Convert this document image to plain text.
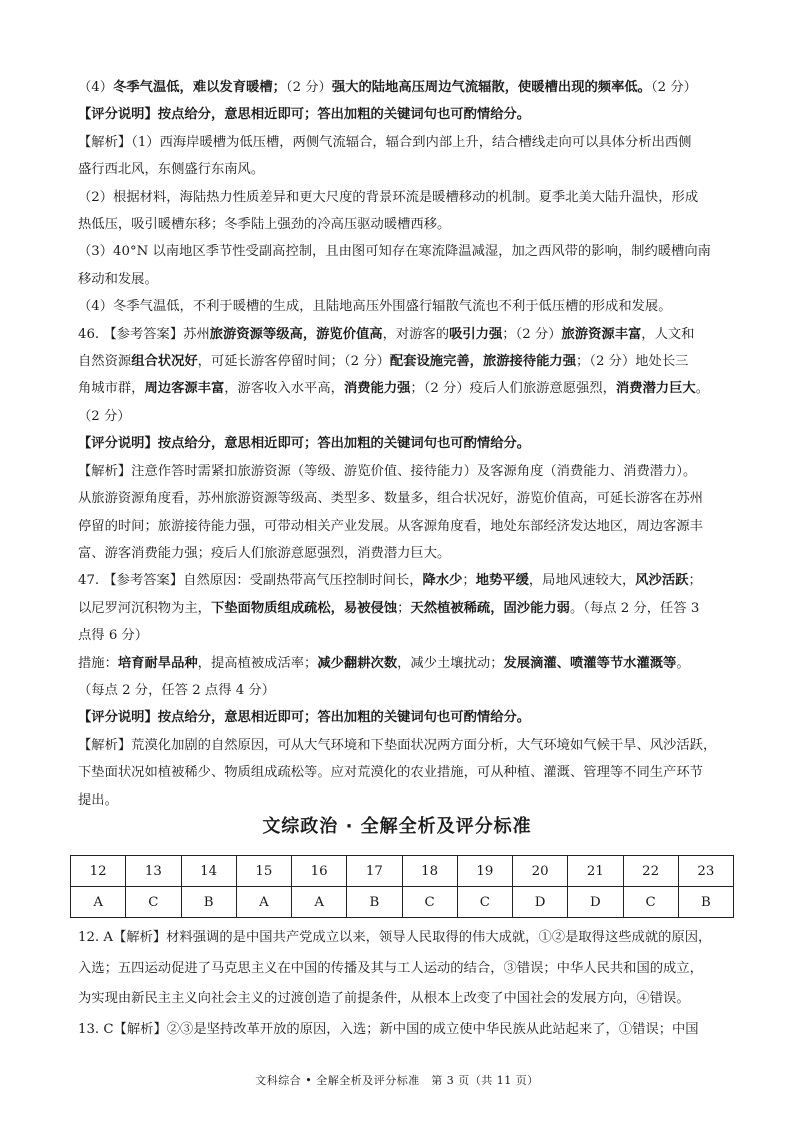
（4）冬季气温低，难以发育暖槽；（2 分）强大的陆地高压周边气流辐散，使暖槽出现的频率低。（2 分）

【评分说明】按点给分，意思相近即可；答出加粗的关键词句也可酌情给分。

【解析】（1）西海岸暖槽为低压槽，两侧气流辐合，辐合到内部上升，结合槽线走向可以具体分析出西侧

盛行西北风，东侧盛行东南风。

（2）根据材料，海陆热力性质差异和更大尺度的背景环流是暖槽移动的机制。夏季北美大陆升温快，形成

热低压，吸引暖槽东移；冬季陆上强劲的冷高压驱动暖槽西移。

（3）40°N 以南地区季节性受副高控制，且由图可知存在寒流降温减湿，加之西风带的影响，制约暖槽向南

移动和发展。

（4）冬季气温低，不利于暖槽的生成，且陆地高压外围盛行辐散气流也不利于低压槽的形成和发展。

46. 【参考答案】苏州旅游资源等级高，游览价值高，对游客的吸引力强；（2 分）旅游资源丰富，人文和

自然资源组合状况好，可延长游客停留时间；（2 分）配套设施完善，旅游接待能力强；（2 分）地处长三

角城市群，周边客源丰富，游客收入水平高，消费能力强；（2 分）疫后人们旅游意愿强烈，消费潜力巨大。

（2 分）

【评分说明】按点给分，意思相近即可；答出加粗的关键词句也可酌情给分。

【解析】注意作答时需紧扣旅游资源（等级、游览价值、接待能力）及客源角度（消费能力、消费潜力）。

从旅游资源角度看，苏州旅游资源等级高、类型多、数量多，组合状况好，游览价值高，可延长游客在苏州

停留的时间；旅游接待能力强，可带动相关产业发展。从客源角度看，地处东部经济发达地区，周边客源丰

富、游客消费能力强；疫后人们旅游意愿强烈，消费潜力巨大。

47. 【参考答案】自然原因：受副热带高气压控制时间长，降水少；地势平缓，局地风速较大，风沙活跃；

以尼罗河沉积物为主，下垫面物质组成疏松，易被侵蚀；天然植被稀疏，固沙能力弱。（每点 2 分，任答 3

点得 6 分）

措施：培育耐旱品种，提高植被成活率；减少翻耕次数，减少土壤扰动；发展滴灌、喷灌等节水灌溉等。

（每点 2 分，任答 2 点得 4 分）

【评分说明】按点给分，意思相近即可；答出加粗的关键词句也可酌情给分。

【解析】荒漠化加剧的自然原因，可从大气环境和下垫面状况两方面分析，大气环境如气候干旱、风沙活跃，

下垫面状况如植被稀少、物质组成疏松等。应对荒漠化的农业措施，可从种植、灌溉、管理等不同生产环节

提出。

文综政治 · 全解全析及评分标准
12	13	14	15	16	17	18	19	20	21	22	23
A	C	B	A	A	B	C	C	D	D	C	B

12. A【解析】材料强调的是中国共产党成立以来，领导人民取得的伟大成就，①②是取得这些成就的原因，

入选；五四运动促进了马克思主义在中国的传播及其与工人运动的结合，③错误；中华人民共和国的成立，

为实现由新民主主义向社会主义的过渡创造了前提条件，从根本上改变了中国社会的发展方向，④错误。

13. C【解析】②③是坚持改革开放的原因，入选；新中国的成立使中华民族从此站起来了，①错误；中国

文科综合 • 全解全析及评分标准　第 3 页（共 11 页）
